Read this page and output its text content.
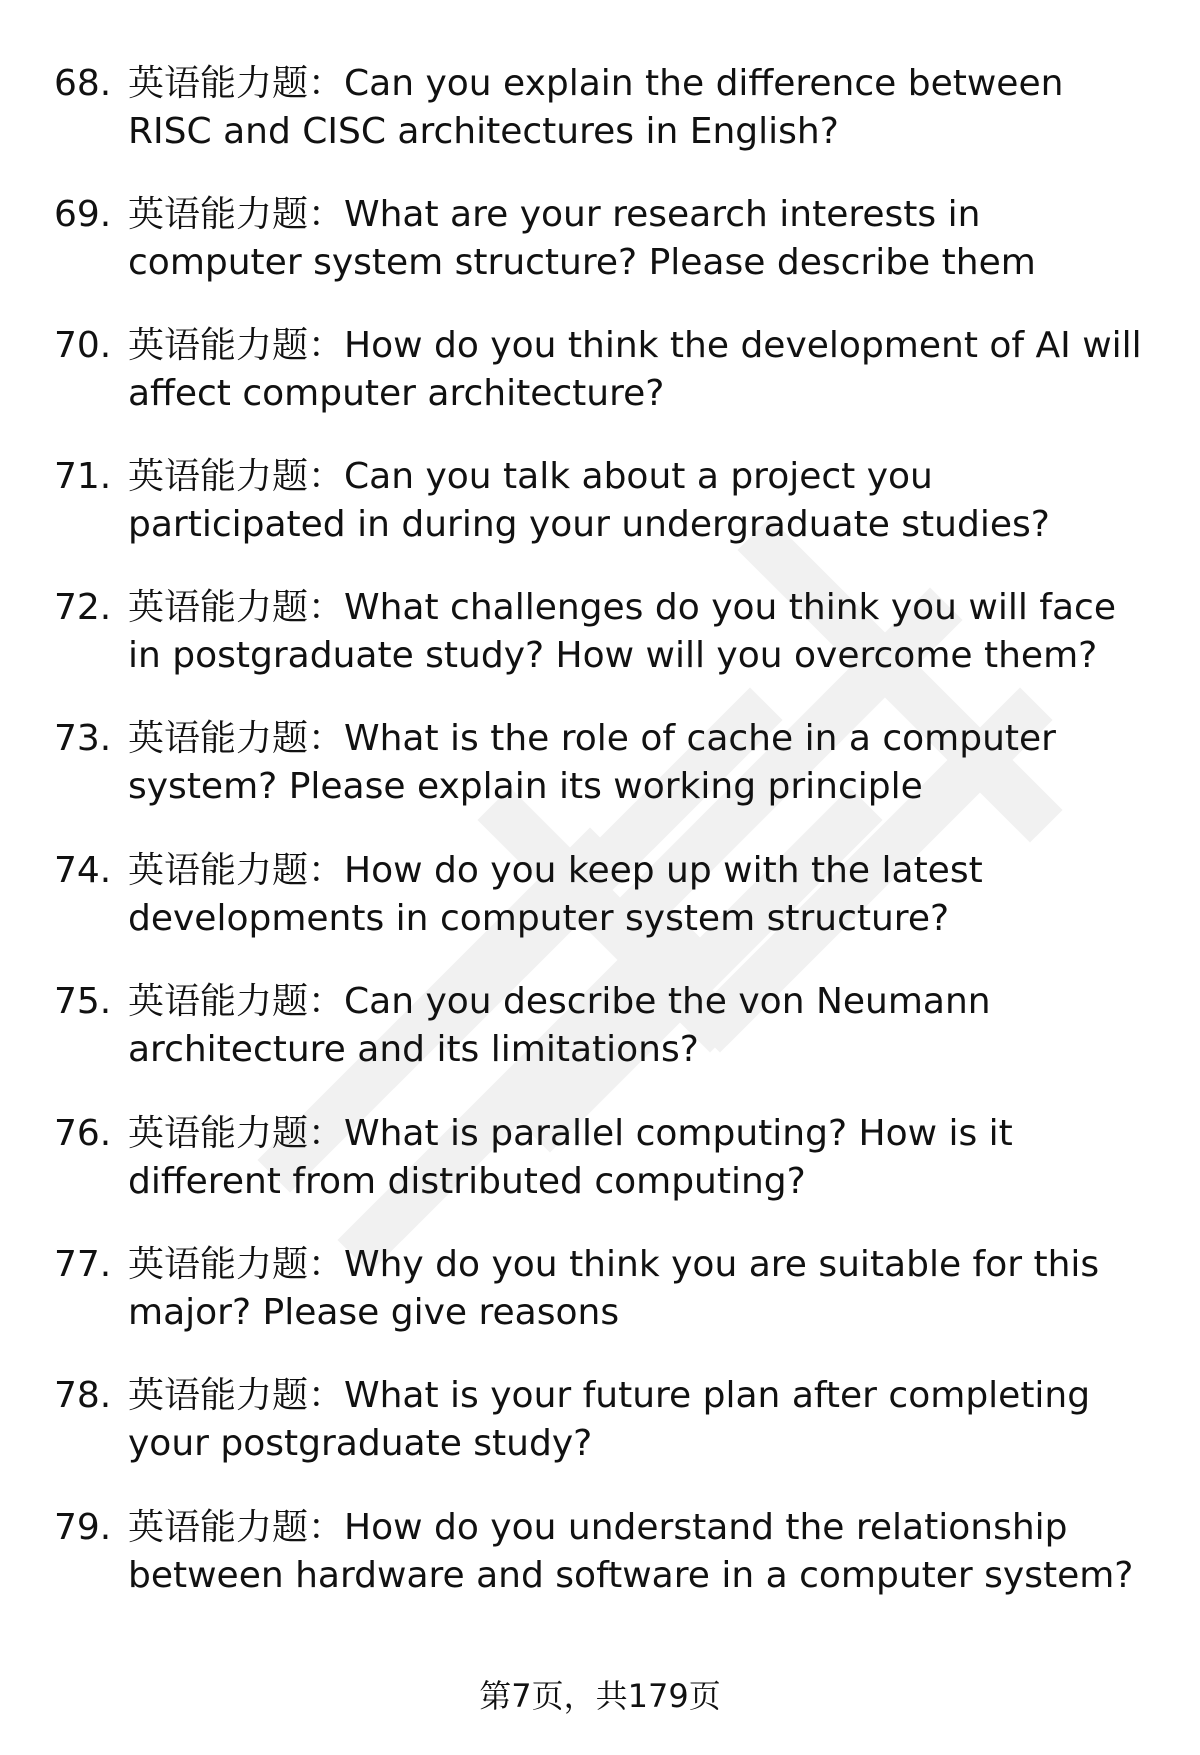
68. 英语能力题：Can you explain the difference between RISC and CISC architectures in English?
69. 英语能力题：What are your research interests in computer system structure? Please describe them
70. 英语能力题：How do you think the development of AI will affect computer architecture?
71. 英语能力题：Can you talk about a project you participated in during your undergraduate studies?
72. 英语能力题：What challenges do you think you will face in postgraduate study? How will you overcome them?
73. 英语能力题：What is the role of cache in a computer system? Please explain its working principle
74. 英语能力题：How do you keep up with the latest developments in computer system structure?
75. 英语能力题：Can you describe the von Neumann architecture and its limitations?
76. 英语能力题：What is parallel computing? How is it different from distributed computing?
77. 英语能力题：Why do you think you are suitable for this major? Please give reasons
78. 英语能力题：What is your future plan after completing your postgraduate study?
79. 英语能力题：How do you understand the relationship between hardware and software in a computer system?
第7页，共179页
